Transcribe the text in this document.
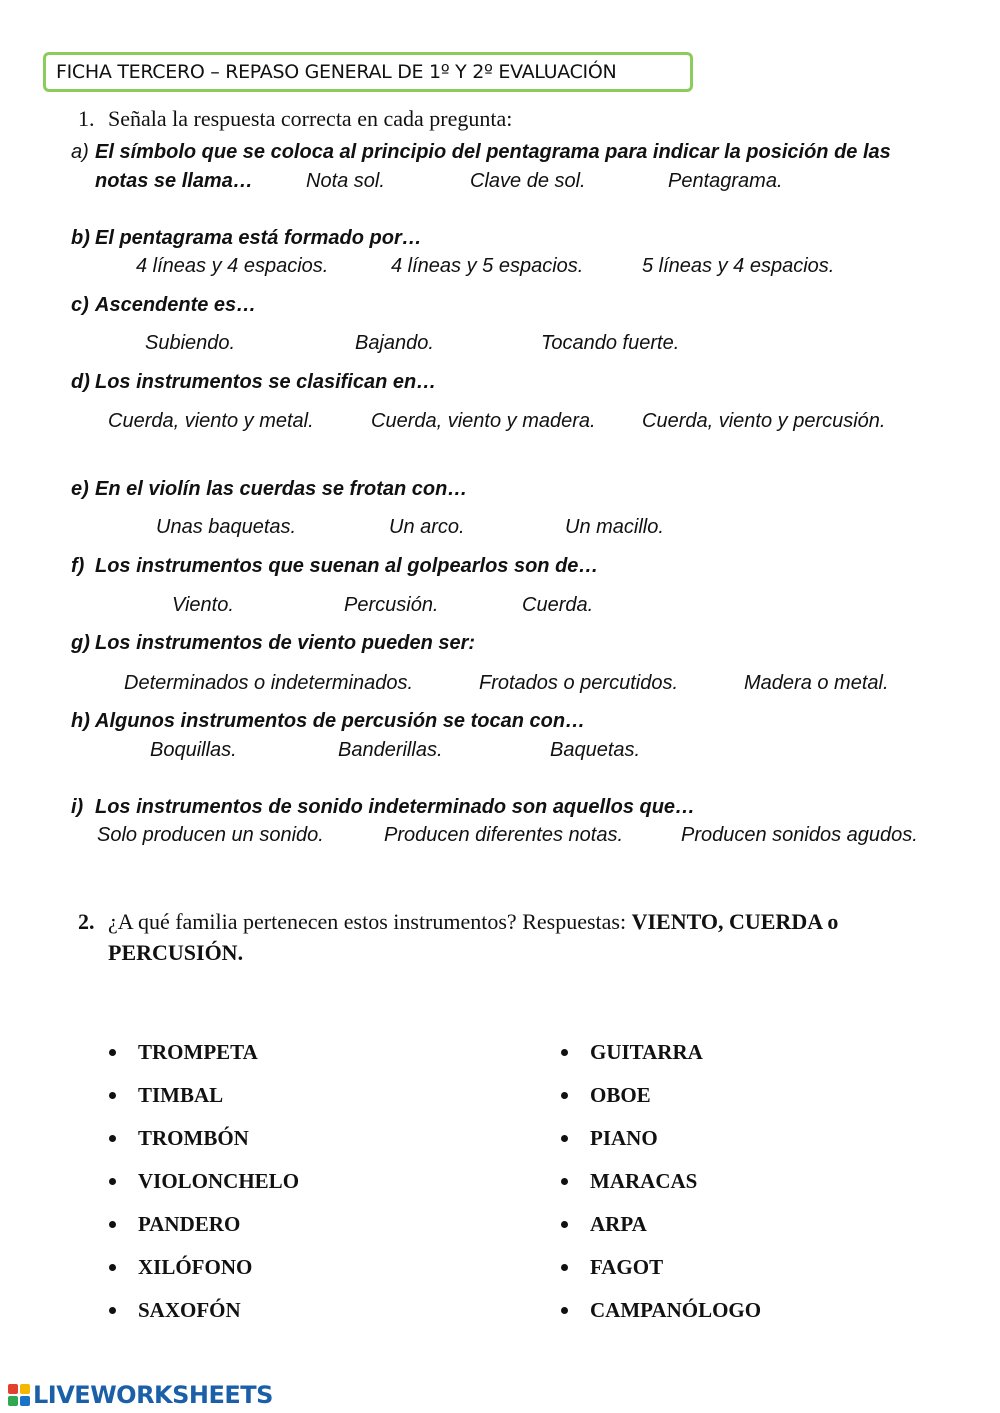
FICHA TERCERO – REPASO GENERAL DE 1º Y 2º EVALUACIÓN
1. Señala la respuesta correcta en cada pregunta:
a) El símbolo que se coloca al principio del pentagrama para indicar la posición de las
notas se llama…	Nota sol.	Clave de sol.	Pentagrama.
b) El pentagrama está formado por…
4 líneas y 4 espacios.	4 líneas y 5 espacios.	5 líneas y 4 espacios.
c) Ascendente es…
Subiendo.	Bajando.	Tocando fuerte.
d) Los instrumentos se clasifican en…
Cuerda, viento y metal.	Cuerda, viento y madera. Cuerda, viento y percusión.
e) En el violín las cuerdas se frotan con…
Unas baquetas.	Un arco.	Un macillo.
f) Los instrumentos que suenan al golpearlos son de…
Viento.	Percusión.	Cuerda.
g) Los instrumentos de viento pueden ser:
Determinados o indeterminados.	Frotados o percutidos.	Madera o metal.
h) Algunos instrumentos de percusión se tocan con…
Boquillas.	Banderillas.	Baquetas.
i) Los instrumentos de sonido indeterminado son aquellos que…
Solo producen un sonido.	Producen diferentes notas.	Producen sonidos agudos.
2. ¿A qué familia pertenecen estos instrumentos? Respuestas: VIENTO, CUERDA o
PERCUSIÓN.
TROMPETA
TIMBAL
TROMBÓN
VIOLONCHELO
PANDERO
XILÓFONO
SAXOFÓN
GUITARRA
OBOE
PIANO
MARACAS
ARPA
FAGOT
CAMPANÓLOGO
LIVEWORKSHEETS
